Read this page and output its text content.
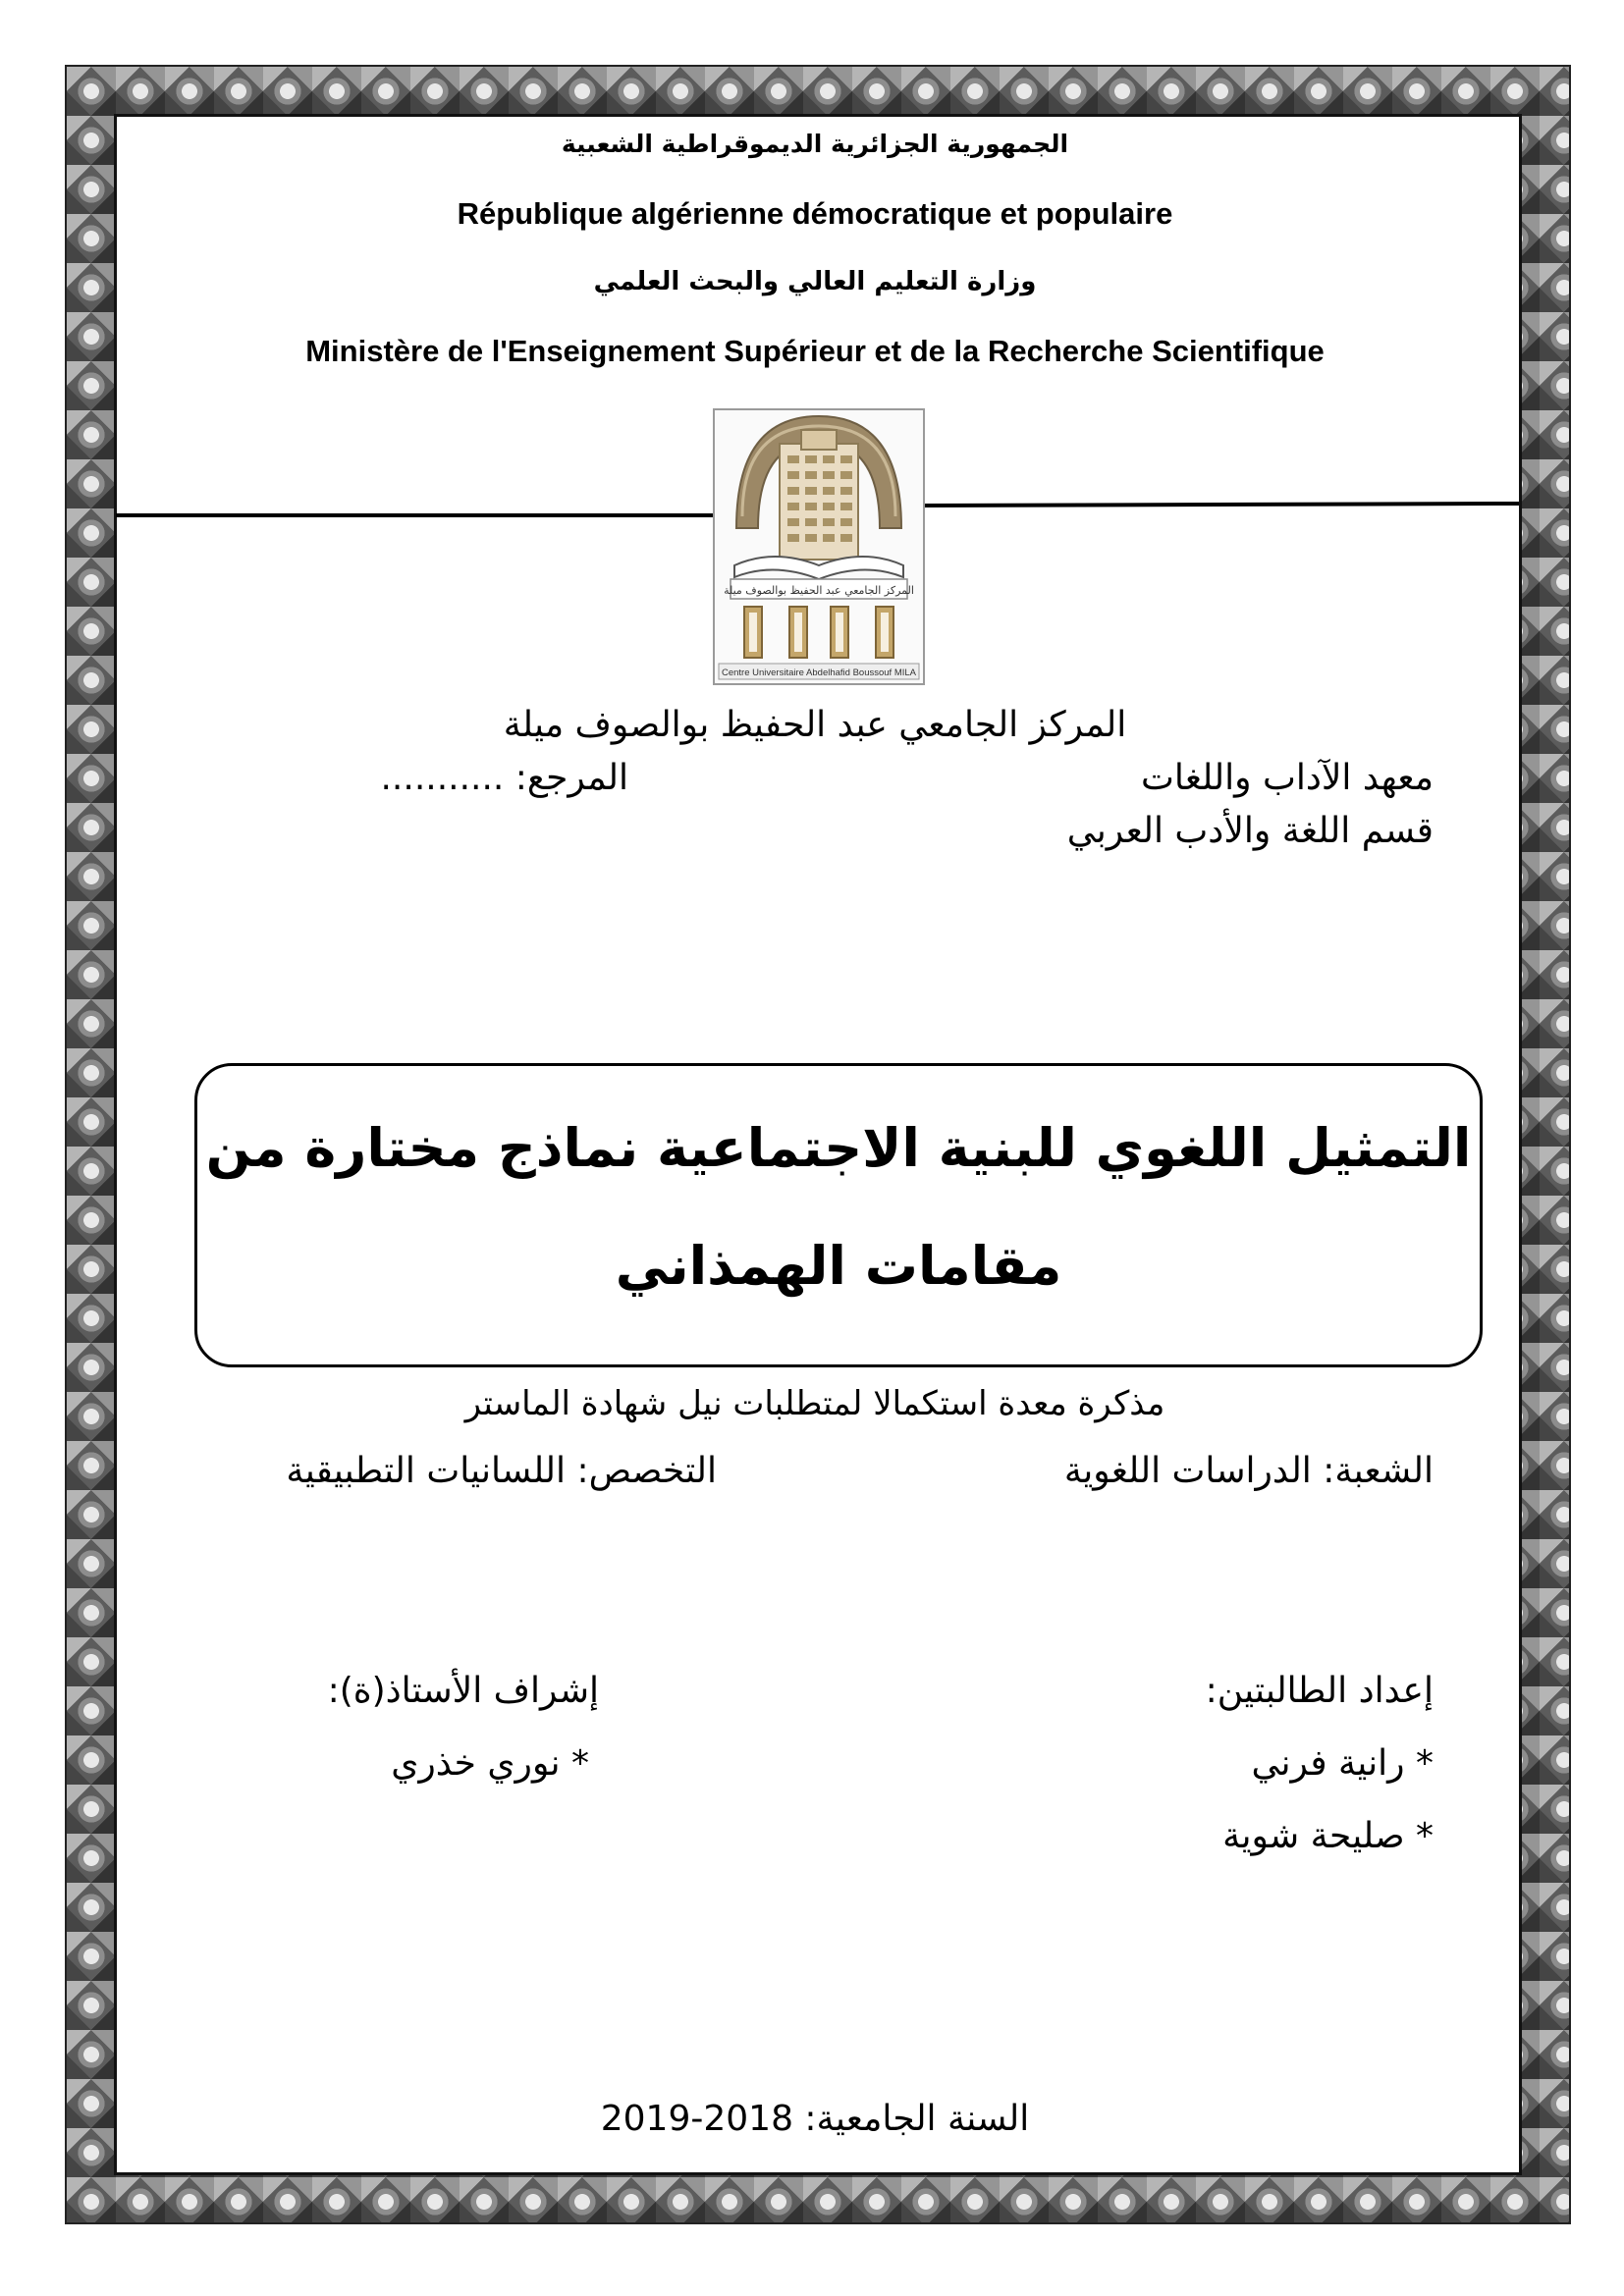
الجمهورية الجزائرية الديموقراطية الشعبية
République algérienne démocratique et populaire
وزارة التعليم العالي والبحث العلمي
Ministère de l'Enseignement Supérieur et de la Recherche Scientifique
المركز الجامعي عبد الحفيظ بوالصوف ميلة
Centre Universitaire Abdelhafid Boussouf MILA
المركز الجامعي عبد الحفيظ بوالصوف ميلة
معهد الآداب واللغات
المرجع: ...........
قسم اللغة والأدب العربي
التمثيل اللغوي للبنية الاجتماعية نماذج مختارة من
مقامات الهمذاني
مذكرة معدة استكمالا لمتطلبات نيل شهادة الماستر
الشعبة: الدراسات اللغوية
التخصص: اللسانيات التطبيقية
إعداد الطالبتين:
إشراف الأستاذ(ة):
* رانية فرني
* نوري خذري
* صليحة شوية
السنة الجامعية: 2018-2019
